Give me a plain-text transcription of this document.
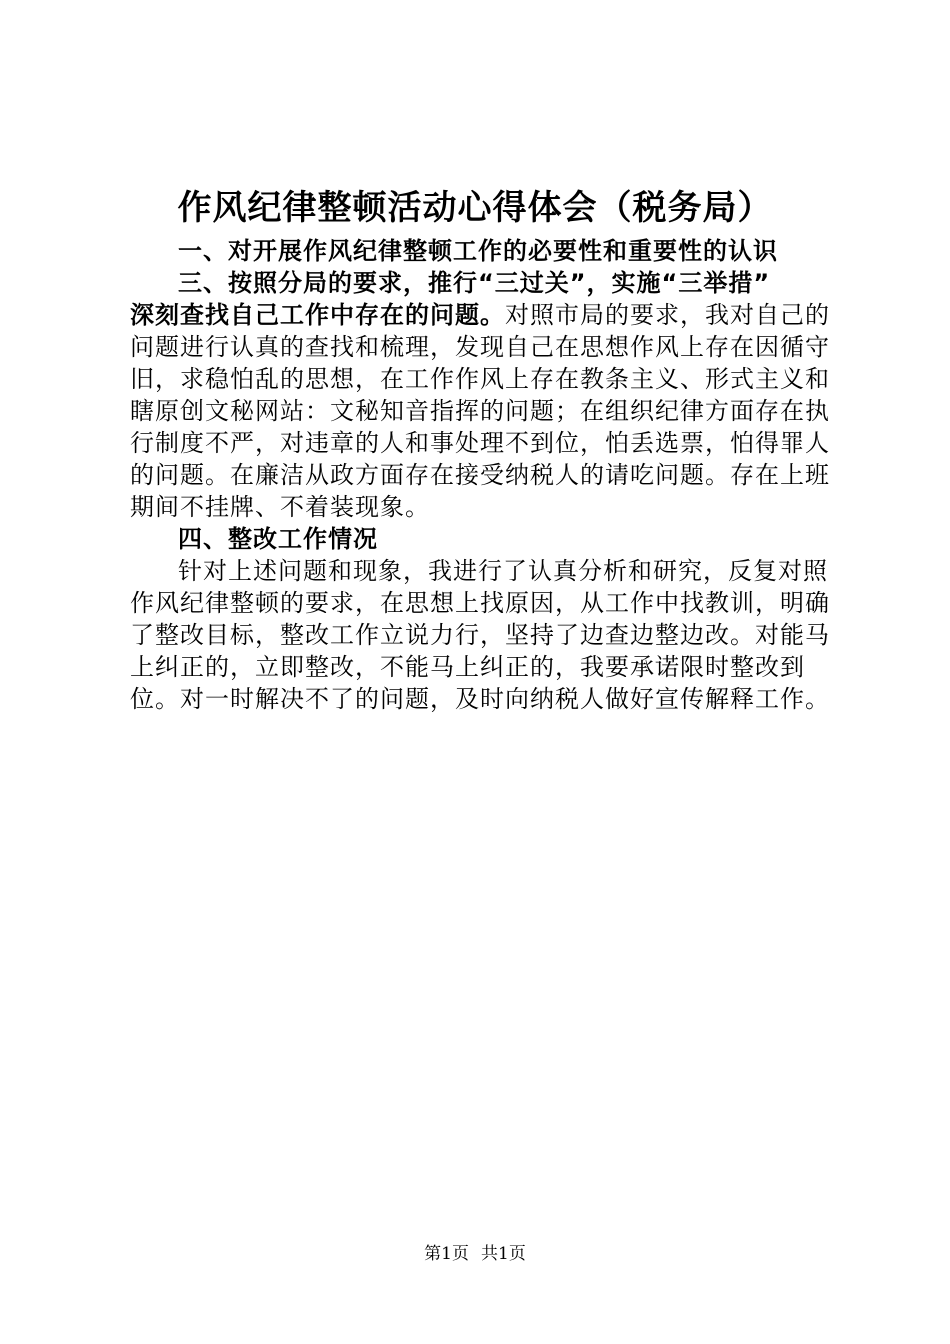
作风纪律整顿活动心得体会（税务局）

一、对开展作风纪律整顿工作的必要性和重要性的认识

三、按照分局的要求，推行“三过关”，实施“三举措”

深刻查找自己工作中存在的问题。对照市局的要求，我对自己的问题进行认真的查找和梳理，发现自己在思想作风上存在因循守旧，求稳怕乱的思想，在工作作风上存在教条主义、形式主义和瞎原创文秘网站：文秘知音指挥的问题；在组织纪律方面存在执行制度不严，对违章的人和事处理不到位，怕丢选票，怕得罪人的问题。在廉洁从政方面存在接受纳税人的请吃问题。存在上班期间不挂牌、不着装现象。

四、整改工作情况

针对上述问题和现象，我进行了认真分析和研究，反复对照作风纪律整顿的要求，在思想上找原因，从工作中找教训，明确了整改目标，整改工作立说力行，坚持了边查边整边改。对能马上纠正的，立即整改，不能马上纠正的，我要承诺限时整改到位。对一时解决不了的问题，及时向纳税人做好宣传解释工作。

第1页 共1页
